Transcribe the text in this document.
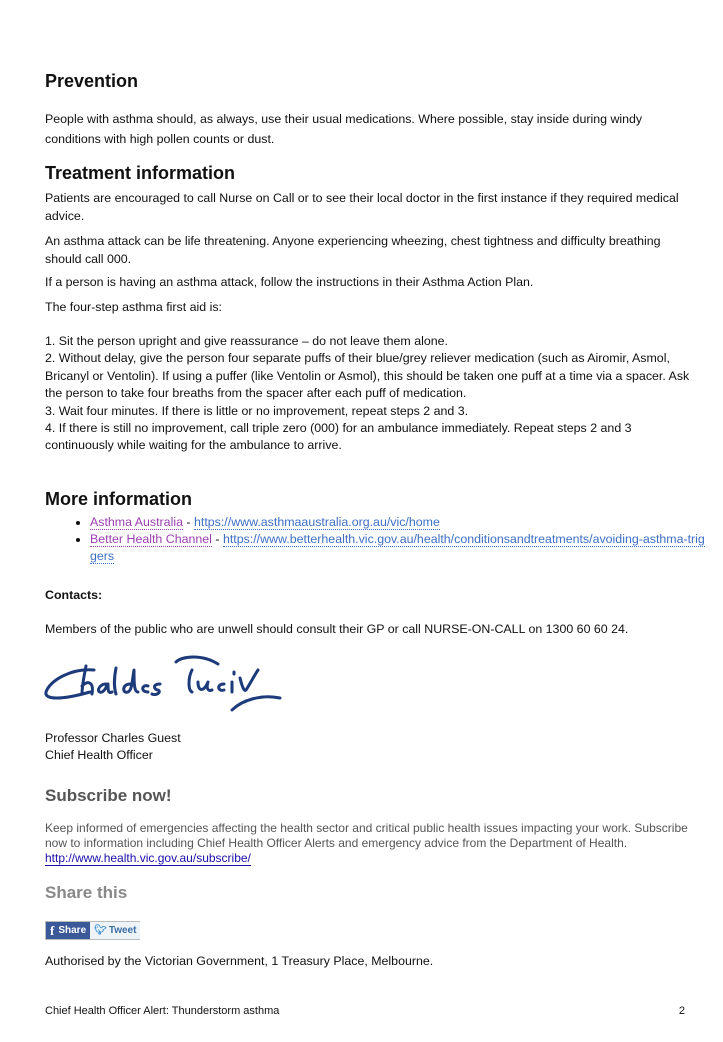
Prevention

People with asthma should, as always, use their usual medications. Where possible, stay inside during windy conditions with high pollen counts or dust.

Treatment information

Patients are encouraged to call Nurse on Call or to see their local doctor in the first instance if they required medical advice.

An asthma attack can be life threatening. Anyone experiencing wheezing, chest tightness and difficulty breathing should call 000.

If a person is having an asthma attack, follow the instructions in their Asthma Action Plan.

The four-step asthma first aid is:

1. Sit the person upright and give reassurance – do not leave them alone.
2. Without delay, give the person four separate puffs of their blue/grey reliever medication (such as Airomir, Asmol, Bricanyl or Ventolin). If using a puffer (like Ventolin or Asmol), this should be taken one puff at a time via a spacer. Ask the person to take four breaths from the spacer after each puff of medication.
3. Wait four minutes. If there is little or no improvement, repeat steps 2 and 3.
4. If there is still no improvement, call triple zero (000) for an ambulance immediately. Repeat steps 2 and 3 continuously while waiting for the ambulance to arrive.
More information
• Asthma Australia - https://www.asthmaaustralia.org.au/vic/home
• Better Health Channel - https://www.betterhealth.vic.gov.au/health/conditionsandtreatments/avoiding-asthma-triggers
Contacts:
Members of the public who are unwell should consult their GP or call NURSE-ON-CALL on 1300 60 60 24.
Professor Charles Guest
Chief Health Officer
Subscribe now!
Keep informed of emergencies affecting the health sector and critical public health issues impacting your work. Subscribe now to information including Chief Health Officer Alerts and emergency advice from the Department of Health. http://www.health.vic.gov.au/subscribe/
Share this
f Share 🐦︎ Tweet
Authorised by the Victorian Government, 1 Treasury Place, Melbourne.
Chief Health Officer Alert: Thunderstorm asthma	2
